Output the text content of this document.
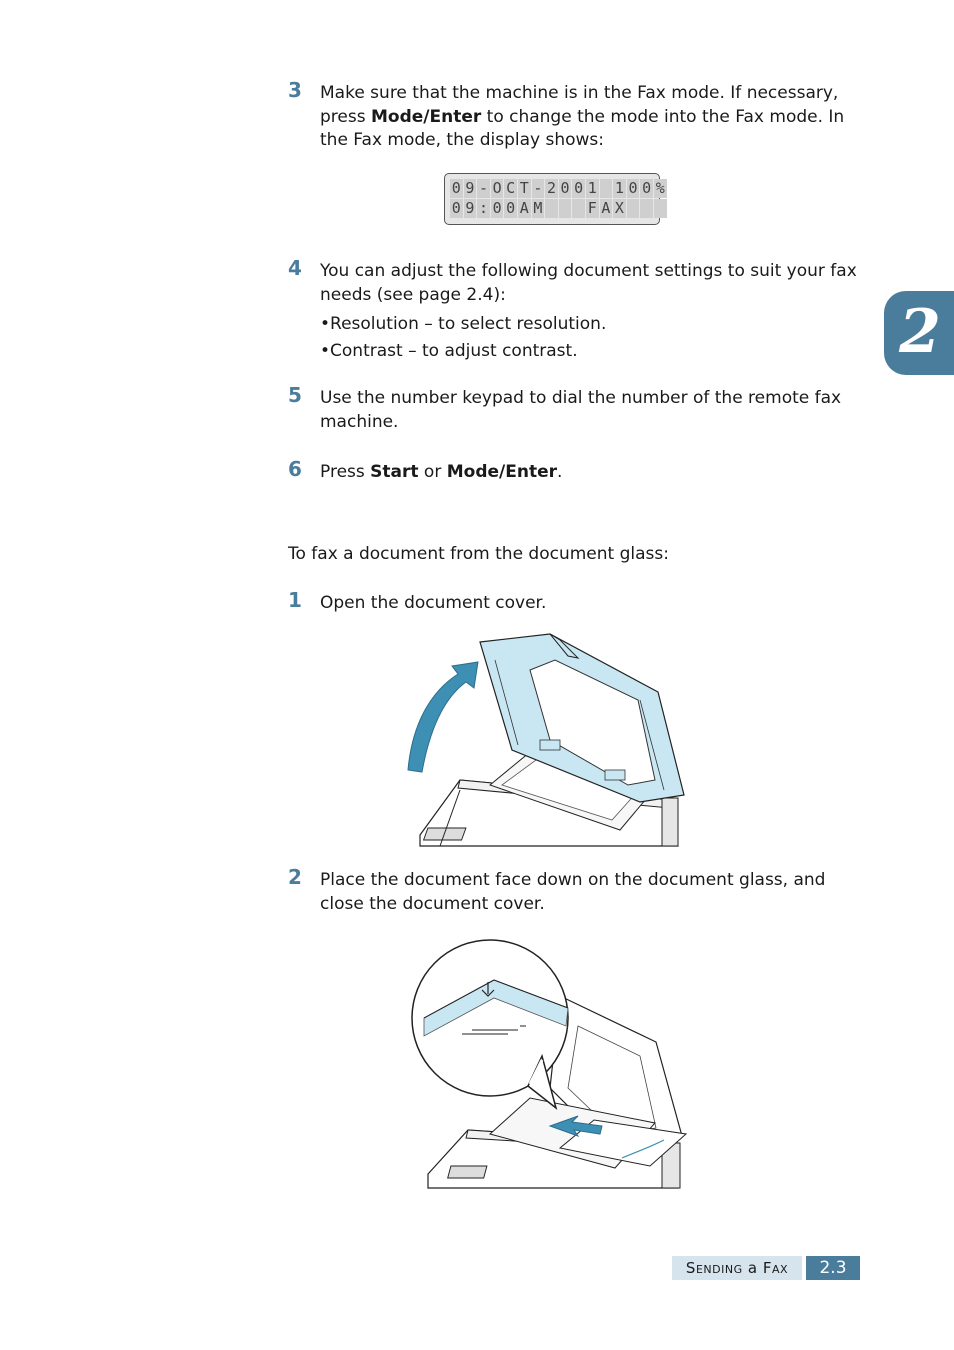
3 Make sure that the machine is in the Fax mode. If necessary, press Mode/Enter to change the mode into the Fax mode. In the Fax mode, the display shows:
0 9 - O C T - 2 0 0 1 1 0 0 %
0 9 : 0 0 A M	F A X
4 You can adjust the following document settings to suit your fax needs (see page 2.4):
•Resolution – to select resolution.
•Contrast – to adjust contrast.
5 Use the number keypad to dial the number of the remote fax machine.
6 Press Start or Mode/Enter.
To fax a document from the document glass:
1 Open the document cover.
2 Place the document face down on the document glass, and close the document cover.
2
SENDING a FAX	2.3
